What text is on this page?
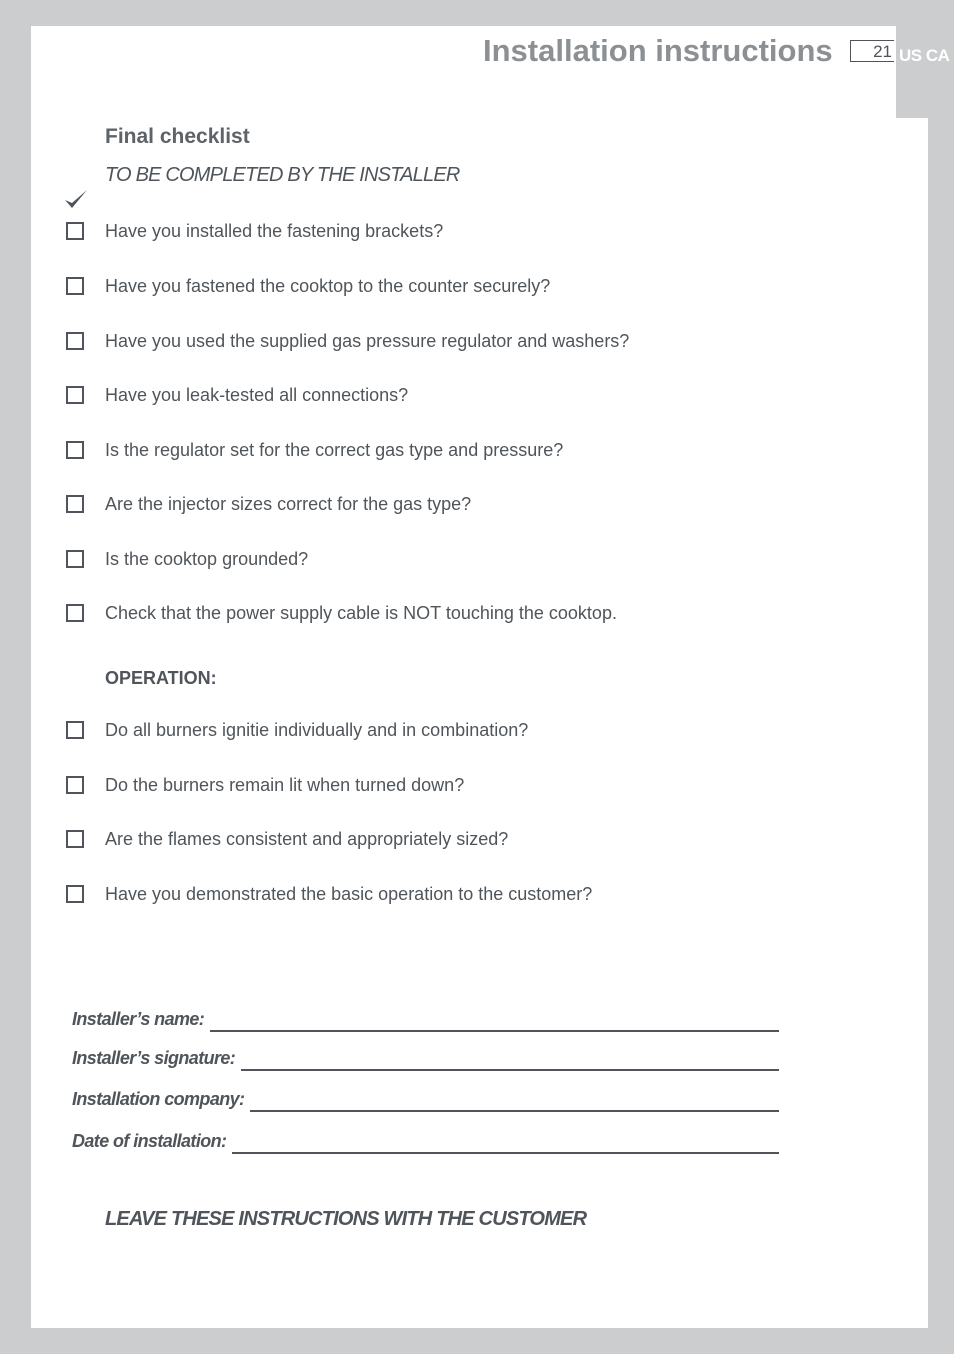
US CA
Installation instructions	21
Final checklist
TO BE COMPLETED BY THE INSTALLER
Have you installed the fastening brackets?
Have you fastened the cooktop to the counter securely?
Have you used the supplied gas pressure regulator and washers?
Have you leak-tested all connections?
Is the regulator set for the correct gas type and pressure?
Are the injector sizes correct for the gas type?
Is the cooktop grounded?
Check that the power supply cable is NOT touching the cooktop.
OPERATION:
Do all burners ignitie individually and in combination?
Do the burners remain lit when turned down?
Are the flames consistent and appropriately sized?
Have you demonstrated the basic operation to the customer?
Installer’s name:
Installer’s signature:
Installation company:
Date of installation:
LEAVE THESE INSTRUCTIONS WITH THE CUSTOMER
